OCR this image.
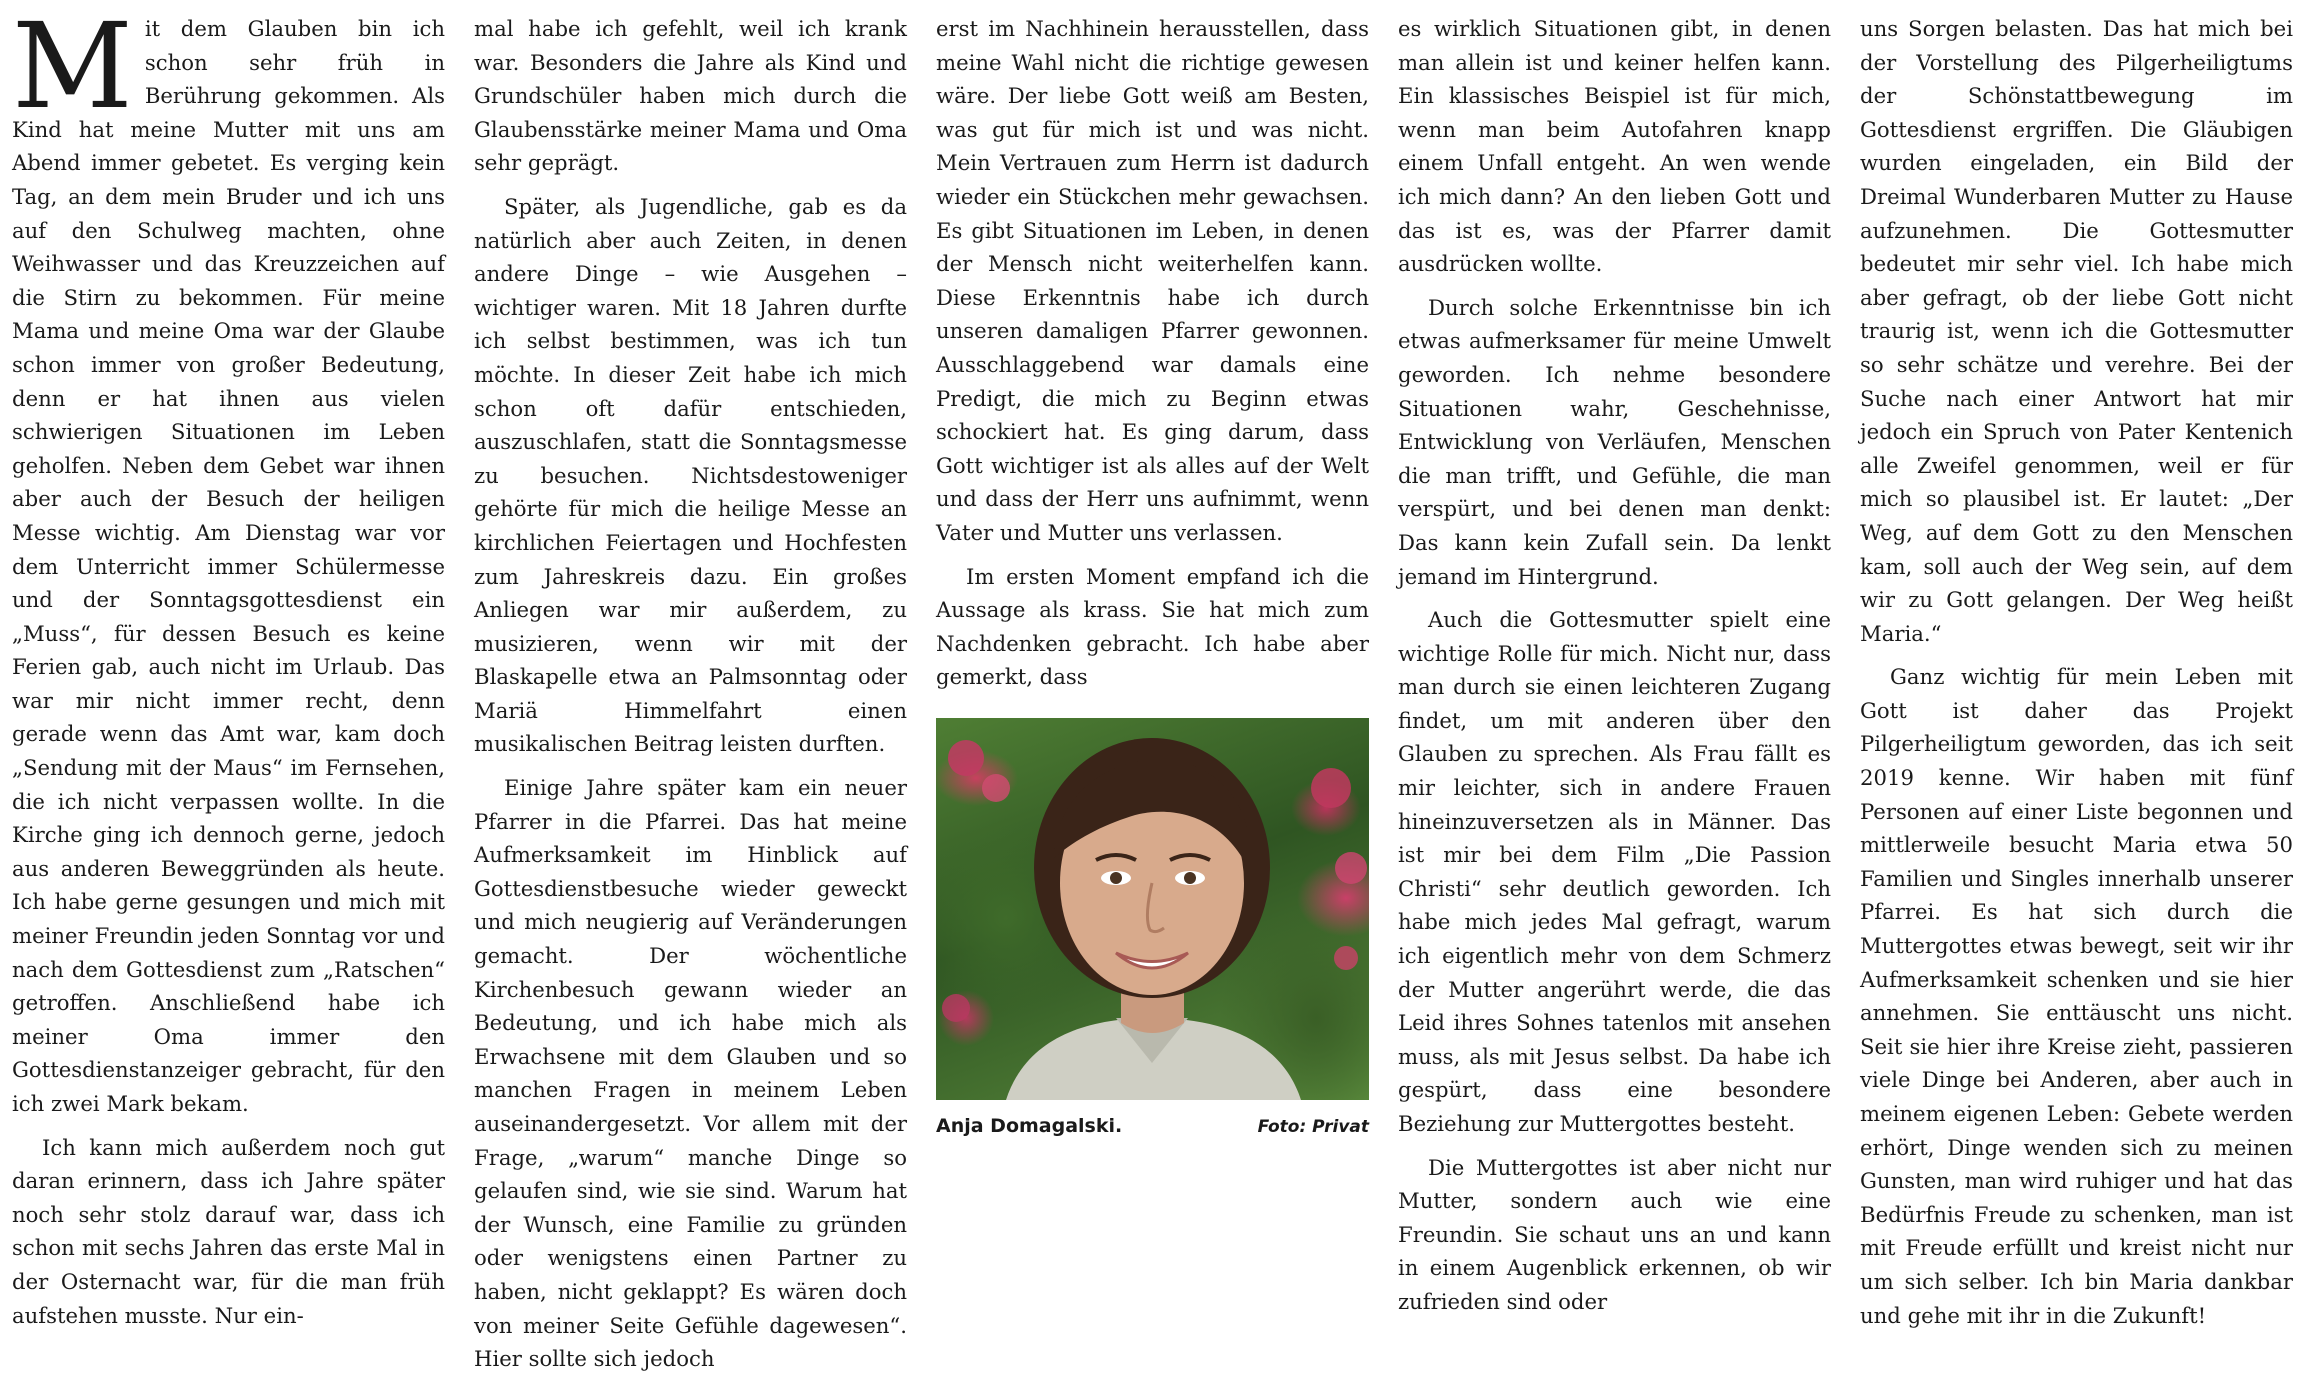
Mit dem Glauben bin ich schon sehr früh in Berührung gekommen. Als Kind hat meine Mutter mit uns am Abend immer gebetet. Es verging kein Tag, an dem mein Bruder und ich uns auf den Schulweg machten, ohne Weihwasser und das Kreuzzeichen auf die Stirn zu bekommen. Für meine Mama und meine Oma war der Glaube schon immer von großer Bedeutung, denn er hat ihnen aus vielen schwierigen Situationen im Leben geholfen. Neben dem Gebet war ihnen aber auch der Besuch der heiligen Messe wichtig. Am Dienstag war vor dem Unterricht immer Schülermesse und der Sonntagsgottesdienst ein „Muss“, für dessen Besuch es keine Ferien gab, auch nicht im Urlaub. Das war mir nicht immer recht, denn gerade wenn das Amt war, kam doch „Sendung mit der Maus“ im Fernsehen, die ich nicht verpassen wollte. In die Kirche ging ich dennoch gerne, jedoch aus anderen Beweggründen als heute. Ich habe gerne gesungen und mich mit meiner Freundin jeden Sonntag vor und nach dem Gottesdienst zum „Ratschen“ getroffen. Anschließend habe ich meiner Oma immer den Gottesdienstanzeiger gebracht, für den ich zwei Mark bekam.

Ich kann mich außerdem noch gut daran erinnern, dass ich Jahre später noch sehr stolz darauf war, dass ich schon mit sechs Jahren das erste Mal in der Osternacht war, für die man früh aufstehen musste. Nur ein-

mal habe ich gefehlt, weil ich krank war. Besonders die Jahre als Kind und Grundschüler haben mich durch die Glaubensstärke meiner Mama und Oma sehr geprägt.

Später, als Jugendliche, gab es da natürlich aber auch Zeiten, in denen andere Dinge – wie Ausgehen – wichtiger waren. Mit 18 Jahren durfte ich selbst bestimmen, was ich tun möchte. In dieser Zeit habe ich mich schon oft dafür entschieden, auszuschlafen, statt die Sonntagsmesse zu besuchen. Nichtsdestoweniger gehörte für mich die heilige Messe an kirchlichen Feiertagen und Hochfesten zum Jahreskreis dazu. Ein großes Anliegen war mir außerdem, zu musizieren, wenn wir mit der Blaskapelle etwa an Palmsonntag oder Mariä Himmelfahrt einen musikalischen Beitrag leisten durften.

Einige Jahre später kam ein neuer Pfarrer in die Pfarrei. Das hat meine Aufmerksamkeit im Hinblick auf Gottesdienstbesuche wieder geweckt und mich neugierig auf Veränderungen gemacht. Der wöchentliche Kirchenbesuch gewann wieder an Bedeutung, und ich habe mich als Erwachsene mit dem Glauben und so manchen Fragen in meinem Leben auseinandergesetzt. Vor allem mit der Frage, „warum“ manche Dinge so gelaufen sind, wie sie sind. Warum hat der Wunsch, eine Familie zu gründen oder wenigstens einen Partner zu haben, nicht geklappt? Es wären doch von meiner Seite Gefühle dagewesen“. Hier sollte sich jedoch

erst im Nachhinein herausstellen, dass meine Wahl nicht die richtige gewesen wäre. Der liebe Gott weiß am Besten, was gut für mich ist und was nicht. Mein Vertrauen zum Herrn ist dadurch wieder ein Stückchen mehr gewachsen. Es gibt Situationen im Leben, in denen der Mensch nicht weiterhelfen kann. Diese Erkenntnis habe ich durch unseren damaligen Pfarrer gewonnen. Ausschlaggebend war damals eine Predigt, die mich zu Beginn etwas schockiert hat. Es ging darum, dass Gott wichtiger ist als alles auf der Welt und dass der Herr uns aufnimmt, wenn Vater und Mutter uns verlassen.

Im ersten Moment empfand ich die Aussage als krass. Sie hat mich zum Nachdenken gebracht. Ich habe aber gemerkt, dass

Anja Domagalski.	Foto: Privat

es wirklich Situationen gibt, in denen man allein ist und keiner helfen kann. Ein klassisches Beispiel ist für mich, wenn man beim Autofahren knapp einem Unfall entgeht. An wen wende ich mich dann? An den lieben Gott und das ist es, was der Pfarrer damit ausdrücken wollte.

Durch solche Erkenntnisse bin ich etwas aufmerksamer für meine Umwelt geworden. Ich nehme besondere Situationen wahr, Geschehnisse, Entwicklung von Verläufen, Menschen die man trifft, und Gefühle, die man verspürt, und bei denen man denkt: Das kann kein Zufall sein. Da lenkt jemand im Hintergrund.

Auch die Gottesmutter spielt eine wichtige Rolle für mich. Nicht nur, dass man durch sie einen leichteren Zugang findet, um mit anderen über den Glauben zu sprechen. Als Frau fällt es mir leichter, sich in andere Frauen hineinzuversetzen als in Männer. Das ist mir bei dem Film „Die Passion Christi“ sehr deutlich geworden. Ich habe mich jedes Mal gefragt, warum ich eigentlich mehr von dem Schmerz der Mutter angerührt werde, die das Leid ihres Sohnes tatenlos mit ansehen muss, als mit Jesus selbst. Da habe ich gespürt, dass eine besondere Beziehung zur Muttergottes besteht.

Die Muttergottes ist aber nicht nur Mutter, sondern auch wie eine Freundin. Sie schaut uns an und kann in einem Augenblick erkennen, ob wir zufrieden sind oder

uns Sorgen belasten. Das hat mich bei der Vorstellung des Pilgerheiligtums der Schönstattbewegung im Gottesdienst ergriffen. Die Gläubigen wurden eingeladen, ein Bild der Dreimal Wunderbaren Mutter zu Hause aufzunehmen. Die Gottesmutter bedeutet mir sehr viel. Ich habe mich aber gefragt, ob der liebe Gott nicht traurig ist, wenn ich die Gottesmutter so sehr schätze und verehre. Bei der Suche nach einer Antwort hat mir jedoch ein Spruch von Pater Kentenich alle Zweifel genommen, weil er für mich so plausibel ist. Er lautet: „Der Weg, auf dem Gott zu den Menschen kam, soll auch der Weg sein, auf dem wir zu Gott gelangen. Der Weg heißt Maria.“

Ganz wichtig für mein Leben mit Gott ist daher das Projekt Pilgerheiligtum geworden, das ich seit 2019 kenne. Wir haben mit fünf Personen auf einer Liste begonnen und mittlerweile besucht Maria etwa 50 Familien und Singles innerhalb unserer Pfarrei. Es hat sich durch die Muttergottes etwas bewegt, seit wir ihr Aufmerksamkeit schenken und sie hier annehmen. Sie enttäuscht uns nicht. Seit sie hier ihre Kreise zieht, passieren viele Dinge bei Anderen, aber auch in meinem eigenen Leben: Gebete werden erhört, Dinge wenden sich zu meinen Gunsten, man wird ruhiger und hat das Bedürfnis Freude zu schenken, man ist mit Freude erfüllt und kreist nicht nur um sich selber. Ich bin Maria dankbar und gehe mit ihr in die Zukunft!
